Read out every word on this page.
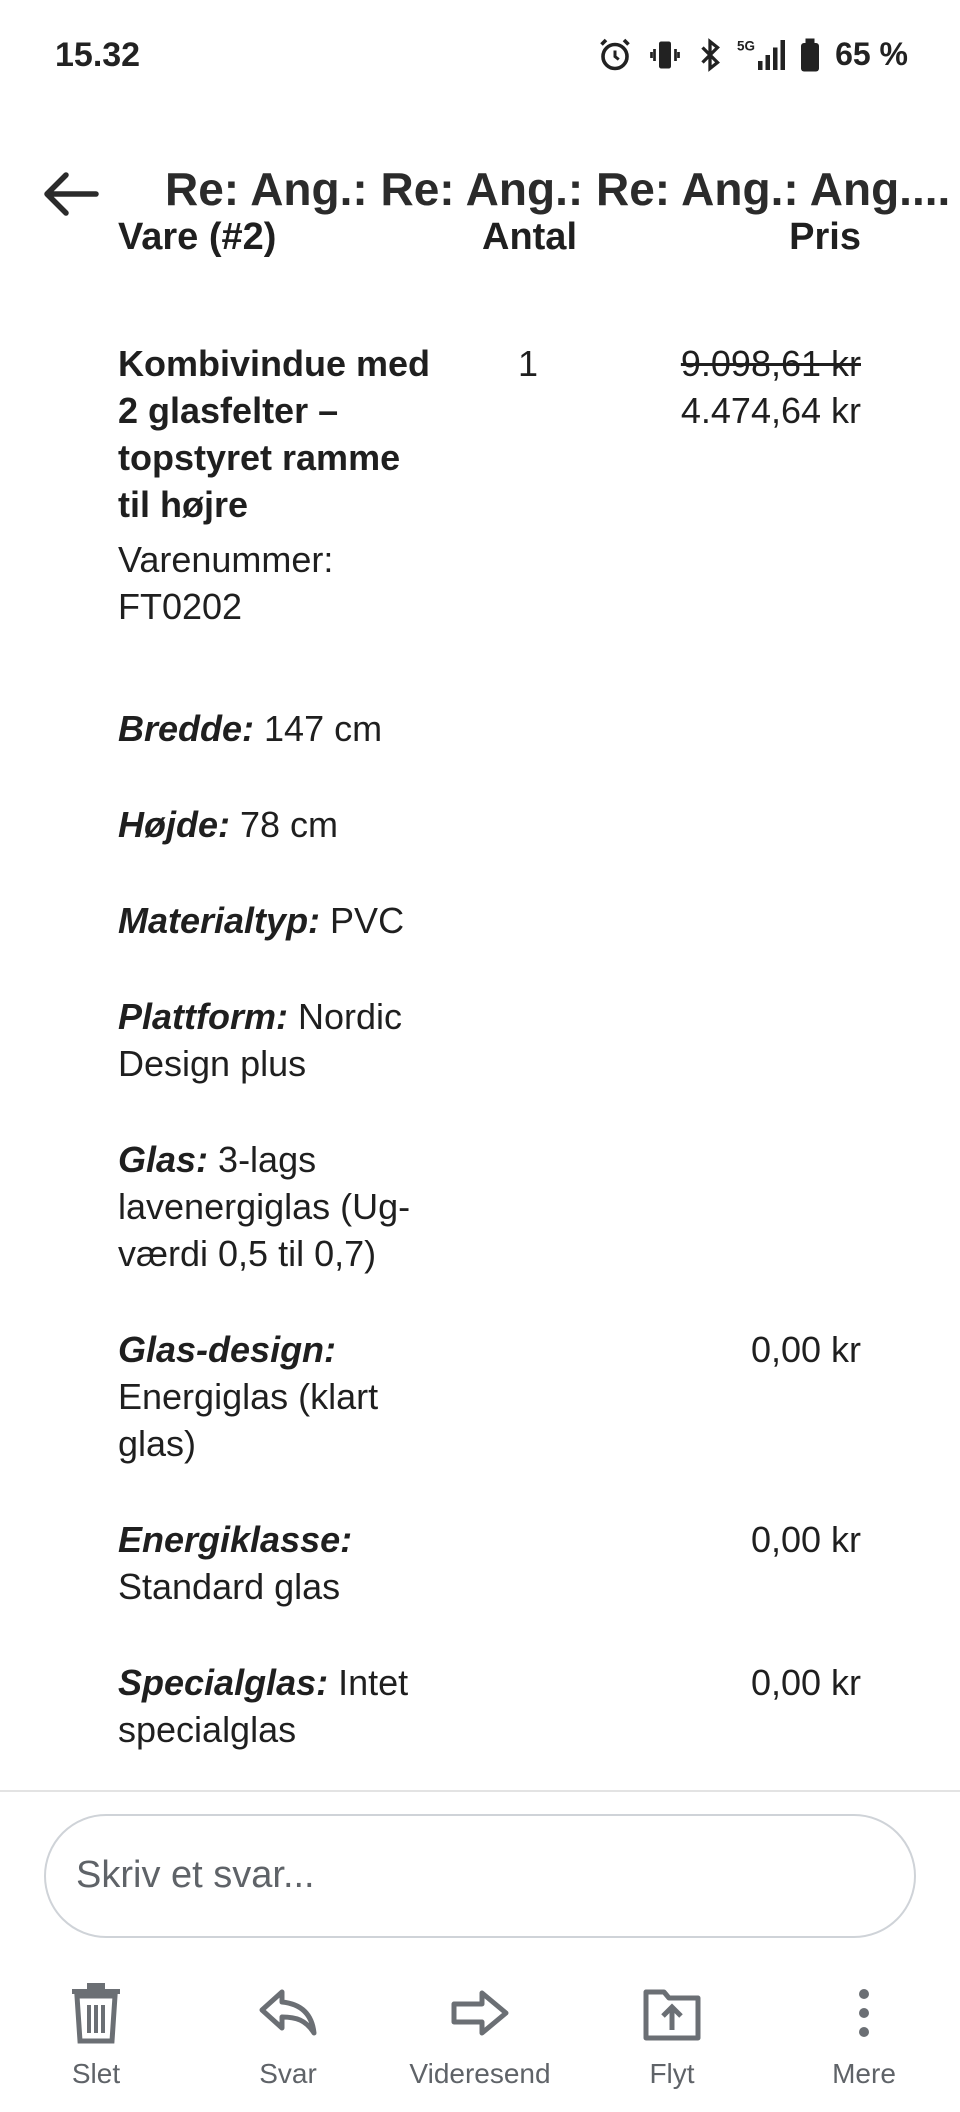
15.32	5G 65 %
Re: Ang.: Re: Ang.: Re: Ang.: Ang....
Vare (#2)	Antal	Pris
Kombivindue med 2 glasfelter – topstyret ramme til højre
1	9.098,61 kr
4.474,64 kr
Varenummer: FT0202
Bredde: 147 cm
Højde: 78 cm
Materialtyp: PVC
Plattform: Nordic Design plus
Glas: 3-lags lavenergiglas (Ug-værdi 0,5 til 0,7)
Glas-design: Energiglas (klart glas)
0,00 kr
Energiklasse: Standard glas
0,00 kr
Specialglas: Intet specialglas
0,00 kr
Skriv et svar...
Slet	Svar	Videresend	Flyt	Mere
